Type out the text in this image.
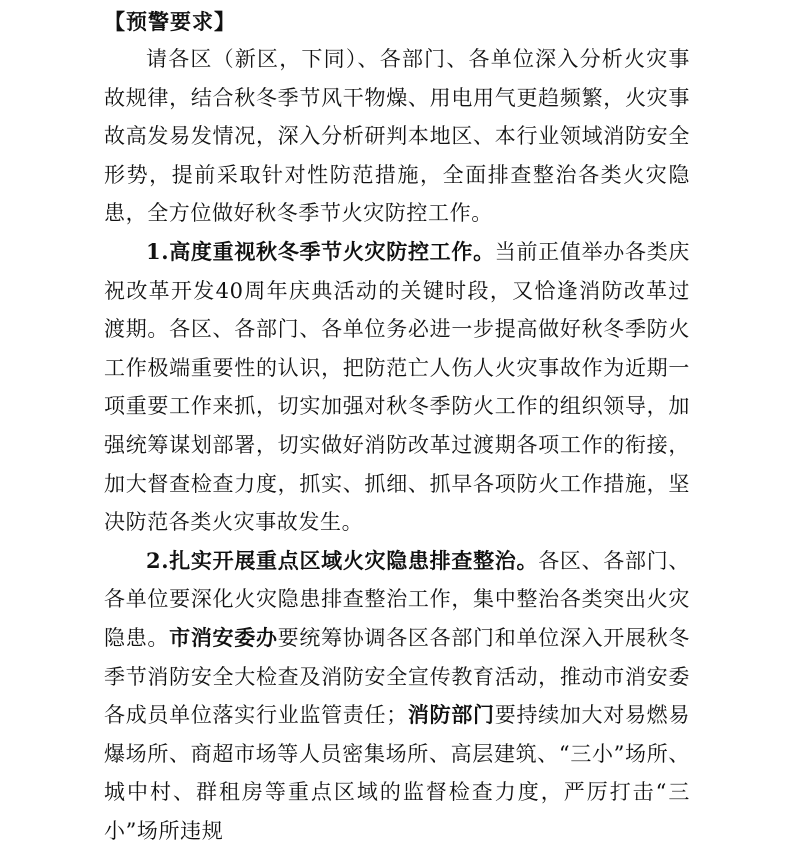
【预警要求】

请各区（新区，下同）、各部门、各单位深入分析火灾事故规律，结合秋冬季节风干物燥、用电用气更趋频繁，火灾事故高发易发情况，深入分析研判本地区、本行业领域消防安全形势，提前采取针对性防范措施，全面排查整治各类火灾隐患，全方位做好秋冬季节火灾防控工作。

1.高度重视秋冬季节火灾防控工作。当前正值举办各类庆祝改革开发40周年庆典活动的关键时段，又恰逢消防改革过渡期。各区、各部门、各单位务必进一步提高做好秋冬季防火工作极端重要性的认识，把防范亡人伤人火灾事故作为近期一项重要工作来抓，切实加强对秋冬季防火工作的组织领导，加强统筹谋划部署，切实做好消防改革过渡期各项工作的衔接，加大督查检查力度，抓实、抓细、抓早各项防火工作措施，坚决防范各类火灾事故发生。

2.扎实开展重点区域火灾隐患排查整治。各区、各部门、各单位要深化火灾隐患排查整治工作，集中整治各类突出火灾隐患。市消安委办要统筹协调各区各部门和单位深入开展秋冬季节消防安全大检查及消防安全宣传教育活动，推动市消安委各成员单位落实行业监管责任；消防部门要持续加大对易燃易爆场所、商超市场等人员密集场所、高层建筑、“三小”场所、城中村、群租房等重点区域的监督检查力度，严厉打击“三小”场所违规
